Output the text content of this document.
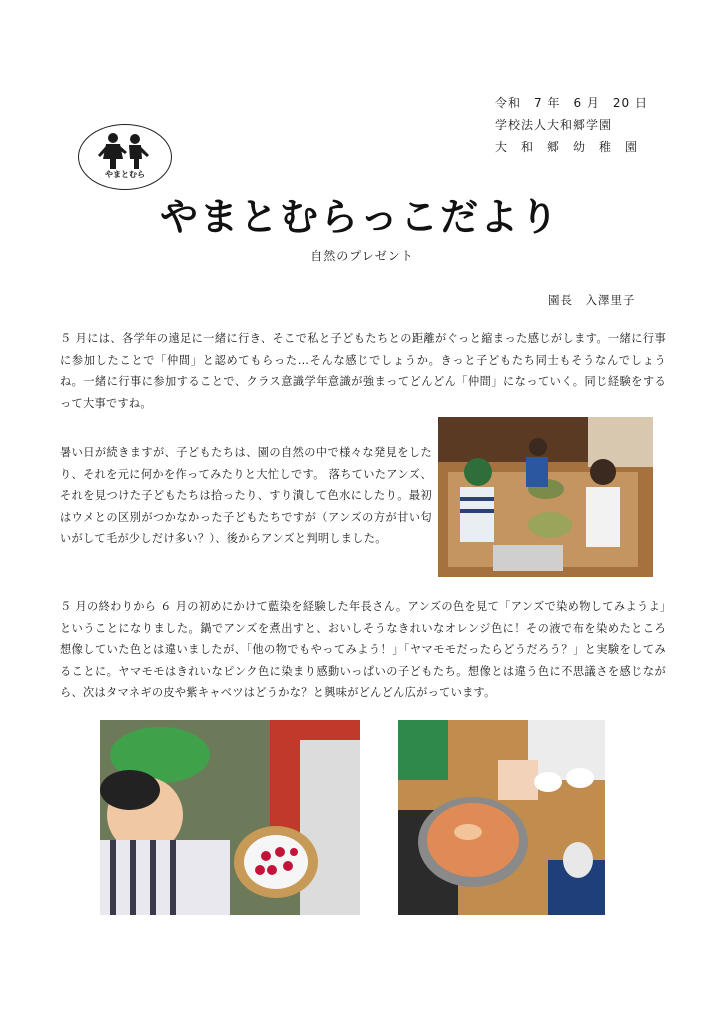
令和　7 年　6 月　20 日
学校法人大和郷学園
大　和　郷　幼　稚　園
やまとむら
やまとむらっこだより
自然のプレゼント
園長　入澤里子
５ 月には、各学年の遠足に一緒に行き、そこで私と子どもたちとの距離がぐっと縮まった感じがします。一緒に行事に参加したことで「仲間」と認めてもらった…そんな感じでしょうか。きっと子どもたち同士もそうなんでしょうね。一緒に行事に参加することで、クラス意識学年意識が強まってどんどん「仲間」になっていく。同じ経験をするって大事ですね。
暑い日が続きますが、子どもたちは、園の自然の中で様々な発見をしたり、それを元に何かを作ってみたりと大忙しです。 落ちていたアンズ、それを見つけた子どもたちは拾ったり、すり潰して色水にしたり。最初はウメとの区別がつかなかった子どもたちですが（アンズの方が甘い匂いがして毛が少しだけ多い？）、後からアンズと判明しました。
５ 月の終わりから ６ 月の初めにかけて藍染を経験した年長さん。アンズの色を見て「アンズで染め物してみようよ」ということになりました。鍋でアンズを煮出すと、おいしそうなきれいなオレンジ色に！その液で布を染めたところ想像していた色とは違いましたが、「他の物でもやってみよう！」「ヤマモモだったらどうだろう？」と実験をしてみることに。ヤマモモはきれいなピンク色に染まり感動いっぱいの子どもたち。想像とは違う色に不思議さを感じながら、次はタマネギの皮や紫キャベツはどうかな？と興味がどんどん広がっています。
